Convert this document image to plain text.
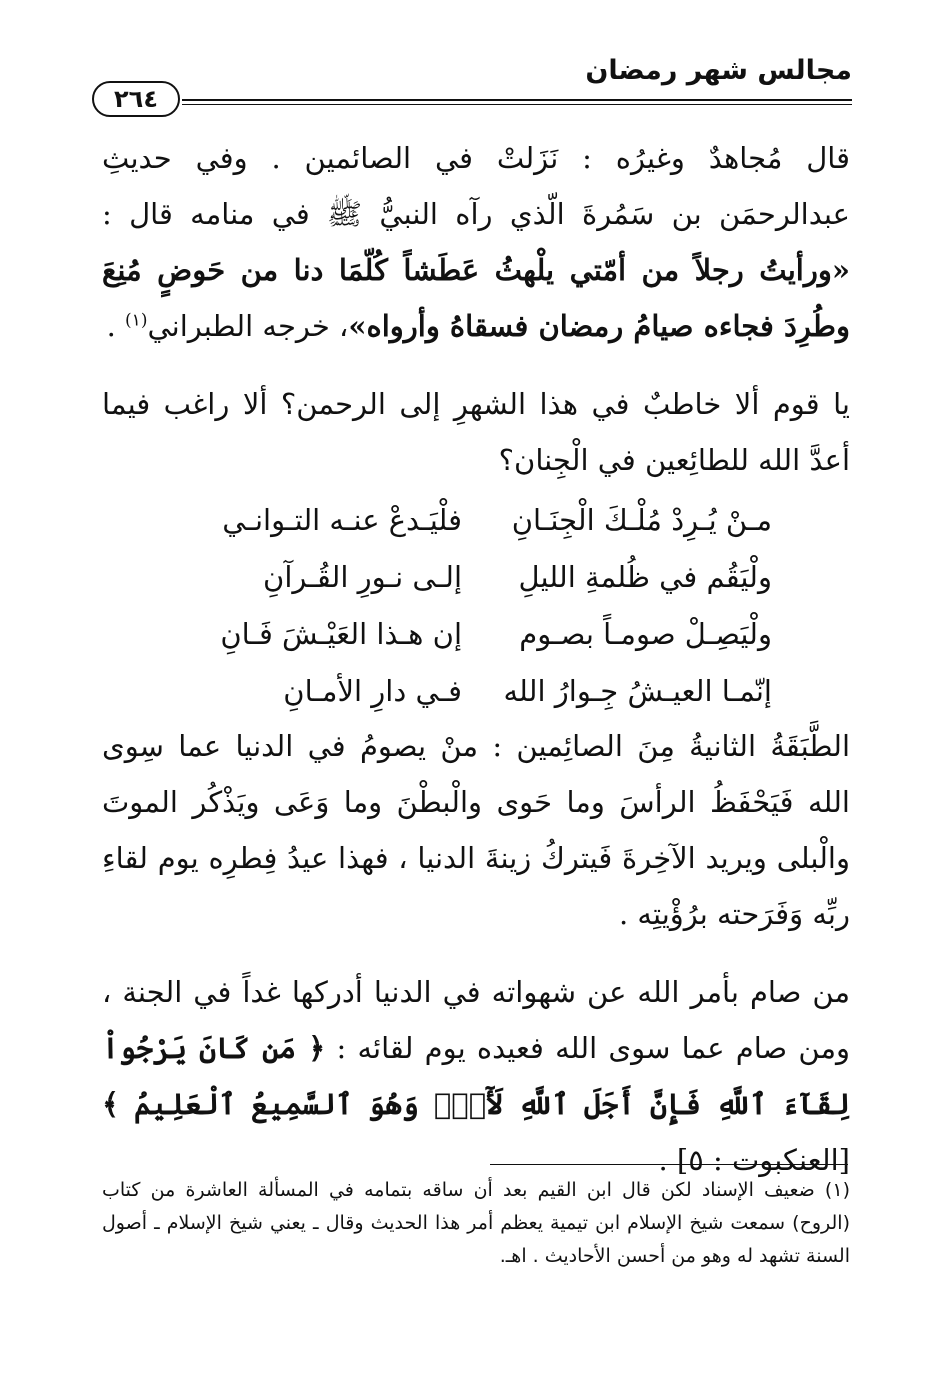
مجالس شهر رمضان
٢٦٤

قال مُجاهدٌ وغيرُه : نَزَلتْ في الصائمين . وفي حديثِ عبدالرحمَن بن سَمُرةَ الّذي رآه النبيُّ ﷺ في منامه قال : «ورأيتُ رجلاً من أمّتي يلْهثُ عَطَشاً كُلّمَا دنا من حَوضٍ مُنِعَ وطُرِدَ فجاءه صيامُ رمضان فسقاهُ وأرواه»، خرجه الطبراني$^{(١)}$ .

يا قوم ألا خاطبٌ في هذا الشهرِ إلى الرحمن؟ ألا راغب فيما أعدَّ الله للطائِعين في الْجِنان؟

مـنْ يُـرِدْ مُلْـكَ الْجِنَـانِ
فلْيَـدعْ عنـه التـوانـي
ولْيَقُم في ظُلمةِ الليلِ
إلـى نـورِ القُـرآنِ
ولْيَصِـلْ صومـاً بصـوم
إن هـذا العَيْـشَ فَـانِ
إنّمـا العيـشُ جِـوارُ الله
فـي دارِ الأمـانِ

الطَّبَقَةُ الثانيةُ مِنَ الصائِمين : منْ يصومُ في الدنيا عما سِوى الله فَيَحْفَظُ الرأسَ وما حَوى والْبطْنَ وما وَعَى ويَذْكُر الموتَ والْبلى ويريد الآخِرةَ فَيتركُ زينةَ الدنيا ، فهذا عيدُ فِطرِه يوم لقاءِ ربِّه وَفَرَحته برُؤْيتِه .

من صام بأمر الله عن شهواته في الدنيا أدركها غداً في الجنة ، ومن صام عما سوى الله فعيده يوم لقائه : ﴿ مَن كَانَ يَرْجُواْ لِقَآءَ ٱللَّهِ فَإِنَّ أَجَلَ ٱللَّهِ لَأٓتٍۚ وَهُوَ ٱلسَّمِيعُ ٱلْعَلِيمُ ﴾ [العنكبوت : ٥] .

(١) ضعيف الإسناد لكن قال ابن القيم بعد أن ساقه بتمامه في المسألة العاشرة من كتاب (الروح) سمعت شيخ الإسلام ابن تيمية يعظم أمر هذا الحديث وقال ـ يعني شيخ الإسلام ـ أصول السنة تشهد له وهو من أحسن الأحاديث . اهـ.
